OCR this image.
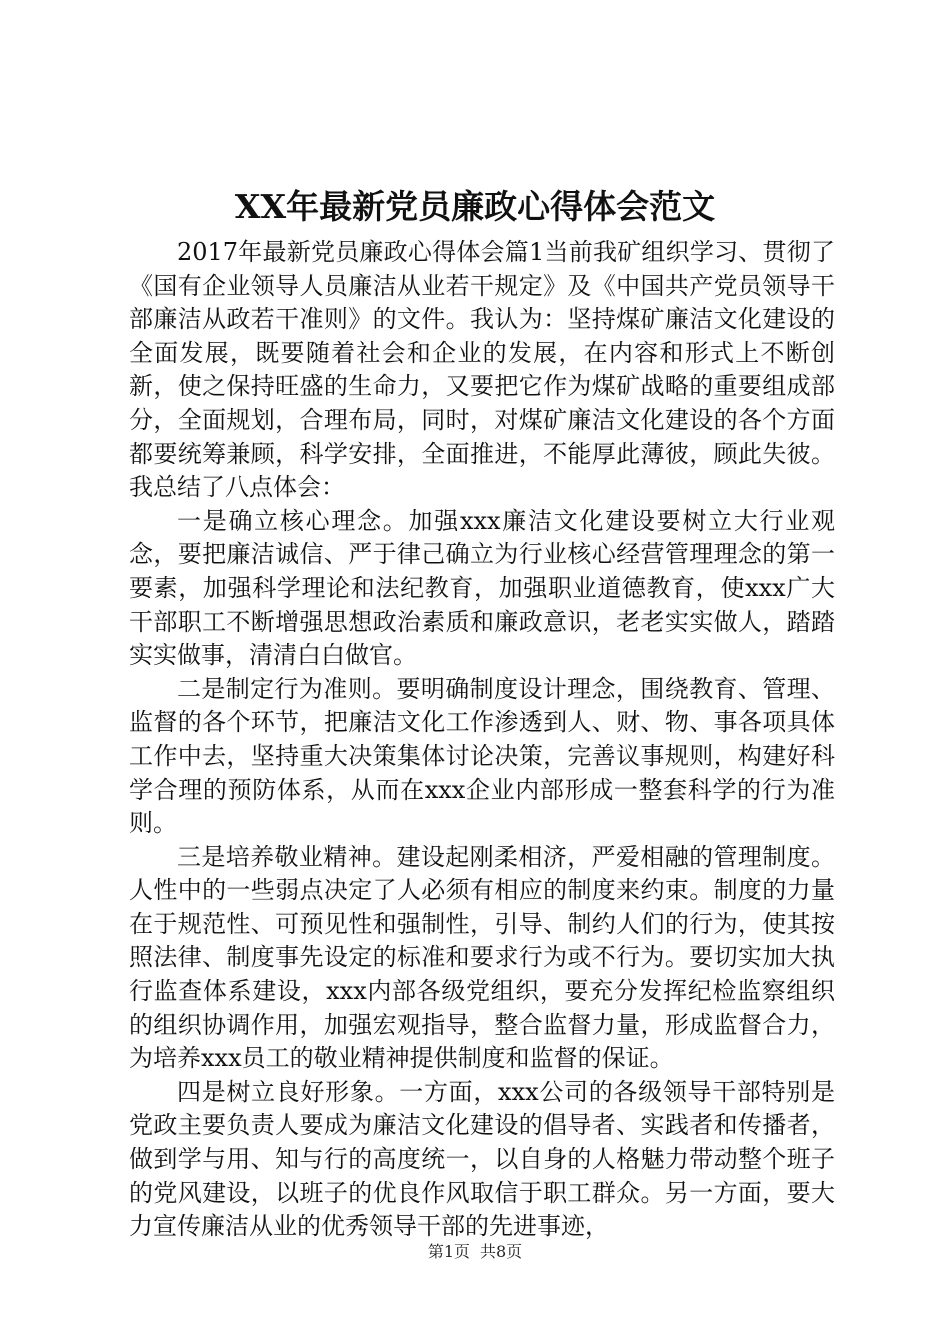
XX年最新党员廉政心得体会范文

2017年最新党员廉政心得体会篇1当前我矿组织学习、贯彻了《国有企业领导人员廉洁从业若干规定》及《中国共产党员领导干部廉洁从政若干准则》的文件。我认为：坚持煤矿廉洁文化建设的全面发展，既要随着社会和企业的发展，在内容和形式上不断创新，使之保持旺盛的生命力，又要把它作为煤矿战略的重要组成部分，全面规划，合理布局，同时，对煤矿廉洁文化建设的各个方面都要统筹兼顾，科学安排，全面推进，不能厚此薄彼，顾此失彼。我总结了八点体会：

一是确立核心理念。加强xxx廉洁文化建设要树立大行业观念，要把廉洁诚信、严于律己确立为行业核心经营管理理念的第一要素，加强科学理论和法纪教育，加强职业道德教育，使xxx广大干部职工不断增强思想政治素质和廉政意识，老老实实做人，踏踏实实做事，清清白白做官。

二是制定行为准则。要明确制度设计理念，围绕教育、管理、监督的各个环节，把廉洁文化工作渗透到人、财、物、事各项具体工作中去，坚持重大决策集体讨论决策，完善议事规则，构建好科学合理的预防体系，从而在xxx企业内部形成一整套科学的行为准则。

三是培养敬业精神。建设起刚柔相济，严爱相融的管理制度。人性中的一些弱点决定了人必须有相应的制度来约束。制度的力量在于规范性、可预见性和强制性，引导、制约人们的行为，使其按照法律、制度事先设定的标准和要求行为或不行为。要切实加大执行监查体系建设，xxx内部各级党组织，要充分发挥纪检监察组织的组织协调作用，加强宏观指导，整合监督力量，形成监督合力，为培养xxx员工的敬业精神提供制度和监督的保证。

四是树立良好形象。一方面，xxx公司的各级领导干部特别是党政主要负责人要成为廉洁文化建设的倡导者、实践者和传播者，做到学与用、知与行的高度统一，以自身的人格魅力带动整个班子的党风建设，以班子的优良作风取信于职工群众。另一方面，要大力宣传廉洁从业的优秀领导干部的先进事迹，

第1页 共8页
